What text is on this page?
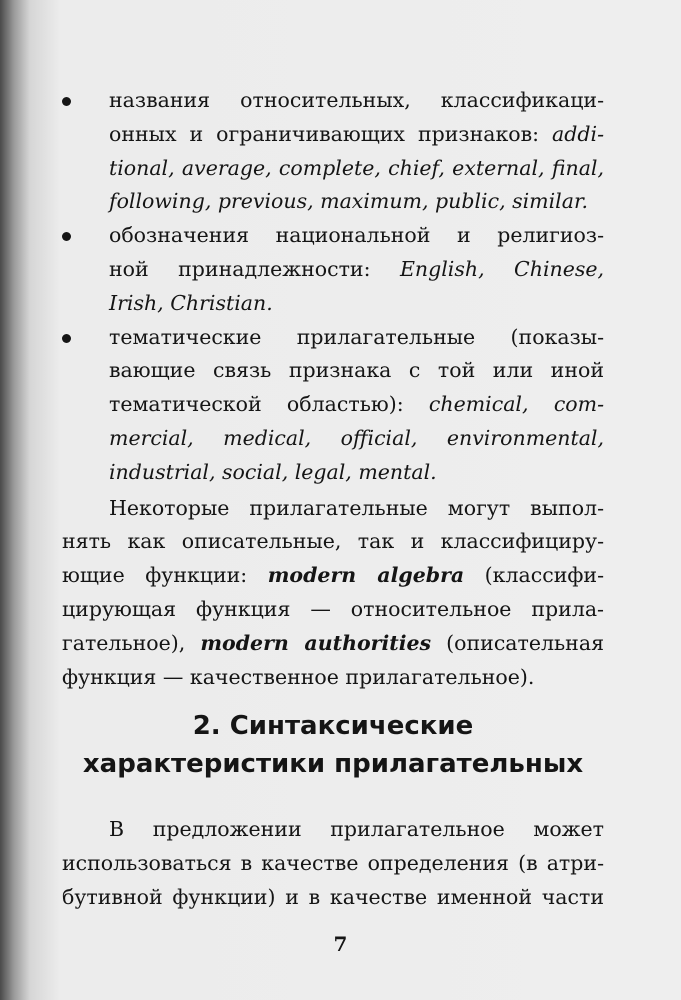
названия относительных, классификаци-
онных и ограничивающих признаков: addi-
tional, average, complete, chief, external, final,
following, previous, maximum, public, similar.
обозначения национальной и религиоз-
ной принадлежности: English, Chinese,
Irish, Christian.
тематические прилагательные (показы-
вающие связь признака с той или иной
тематической областью): chemical, com-
mercial, medical, official, environmental,
industrial, social, legal, mental.
Некоторые прилагательные могут выпол-
нять как описательные, так и классифициру-
ющие функции: modern algebra (классифи-
цирующая функция — относительное прила-
гательное), modern authorities (описательная
функция — качественное прилагательное).
2. Синтаксические
характеристики прилагательных
В предложении прилагательное может
использоваться в качестве определения (в атри-
бутивной функции) и в качестве именной части
7
